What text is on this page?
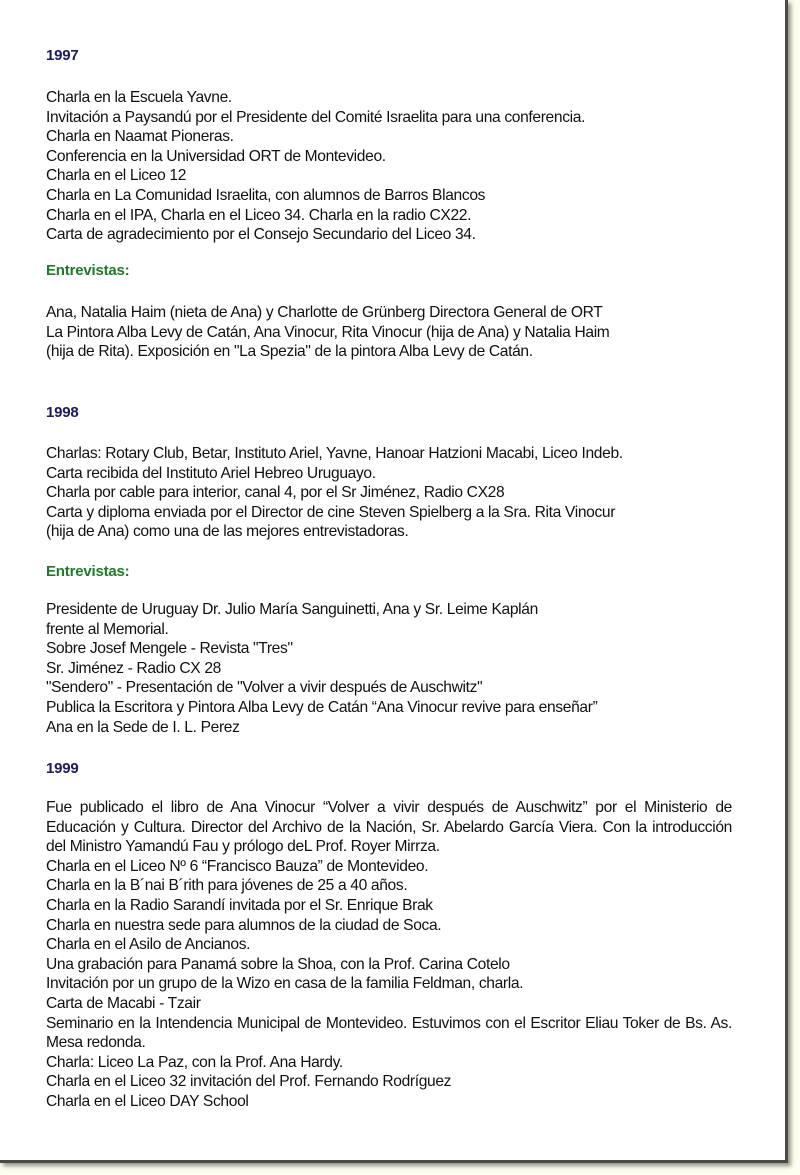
1997
Charla en la Escuela Yavne.
Invitación a Paysandú por el Presidente del Comité Israelita para una conferencia.
Charla en Naamat Pioneras.
Conferencia en la Universidad ORT de Montevideo.
Charla en el Liceo 12
Charla en La Comunidad Israelita, con alumnos de Barros Blancos
Charla en el IPA, Charla en el Liceo 34. Charla en la radio CX22.
Carta de agradecimiento por el Consejo Secundario del Liceo 34.
Entrevistas:
Ana, Natalia Haim (nieta de Ana) y Charlotte de Grünberg Directora General de ORT
La Pintora Alba Levy de Catán, Ana Vinocur, Rita Vinocur (hija de Ana) y Natalia Haim
(hija de Rita). Exposición en "La Spezia" de la pintora Alba Levy de Catán.
1998
Charlas: Rotary Club, Betar, Instituto Ariel, Yavne, Hanoar Hatzioni Macabi, Liceo Indeb.
Carta recibida del Instituto Ariel Hebreo Uruguayo.
Charla por cable para interior, canal 4, por el Sr Jiménez, Radio CX28
Carta y diploma enviada por el Director de cine Steven Spielberg a la Sra. Rita Vinocur
(hija de Ana) como una de las mejores entrevistadoras.
Entrevistas:
Presidente de Uruguay Dr. Julio María Sanguinetti, Ana y Sr. Leime Kaplán
frente al Memorial.
Sobre Josef Mengele - Revista "Tres"
Sr. Jiménez - Radio CX 28
"Sendero" - Presentación de "Volver a vivir después de Auschwitz"
Publica la Escritora y Pintora Alba Levy de Catán “Ana Vinocur revive para enseñar”
Ana en la Sede de I. L. Perez
1999
Fue publicado el libro de Ana Vinocur “Volver a vivir después de Auschwitz” por el Ministerio de Educación y Cultura. Director del Archivo de la Nación, Sr. Abelardo García Viera. Con la introducción del Ministro Yamandú Fau y prólogo deL Prof. Royer Mirrza.
Charla en el Liceo Nº 6 “Francisco Bauza” de Montevideo.
Charla en la B´nai B´rith para jóvenes de 25 a 40 años.
Charla en la Radio Sarandí invitada por el Sr. Enrique Brak
Charla en nuestra sede para alumnos de la ciudad de Soca.
Charla en el Asilo de Ancianos.
Una grabación para Panamá sobre la Shoa, con la Prof. Carina Cotelo
Invitación por un grupo de la Wizo en casa de la familia Feldman, charla.
Carta de Macabi - Tzair
Seminario en la Intendencia Municipal de Montevideo. Estuvimos con el Escritor Eliau Toker de Bs. As. Mesa redonda.
Charla: Liceo La Paz, con la Prof. Ana Hardy.
Charla en el Liceo 32 invitación del Prof. Fernando Rodríguez
Charla en el Liceo DAY School
